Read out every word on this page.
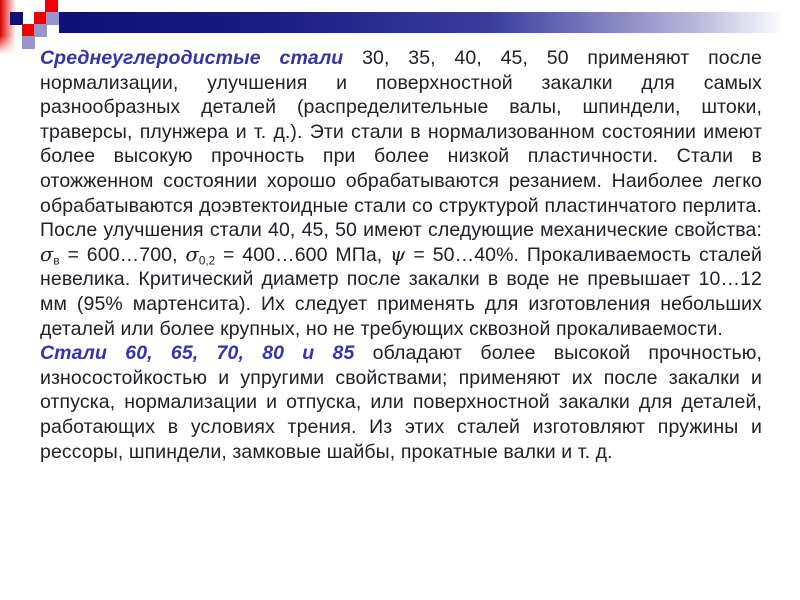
Среднеуглеродистые стали 30, 35, 40, 45, 50 применяют после нормализации, улучшения и поверхностной закалки для самых разнообразных деталей (распределительные валы, шпиндели, штоки, траверсы, плунжера и т. д.). Эти стали в нормализованном состоянии имеют более высокую прочность при более низкой пластичности. Стали в отожженном состоянии хорошо обрабатываются резанием. Наиболее легко обрабатываются доэвтектоидные стали со структурой пластинчатого перлита. После улучшения стали 40, 45, 50 имеют следующие механические свойства: σв = 600…700, σ0,2 = 400…600 МПа, ψ = 50…40%. Прокаливаемость сталей невелика. Критический диаметр после закалки в воде не превышает 10…12 мм (95% мартенсита). Их следует применять для изготовления небольших деталей или более крупных, но не требующих сквозной прокаливаемости.

Стали 60, 65, 70, 80 и 85 обладают более высокой прочностью, износостойкостью и упругими свойствами; применяют их после закалки и отпуска, нормализации и отпуска, или поверхностной закалки для деталей, работающих в условиях трения. Из этих сталей изготовляют пружины и рессоры, шпиндели, замковые шайбы, прокатные валки и т. д.
